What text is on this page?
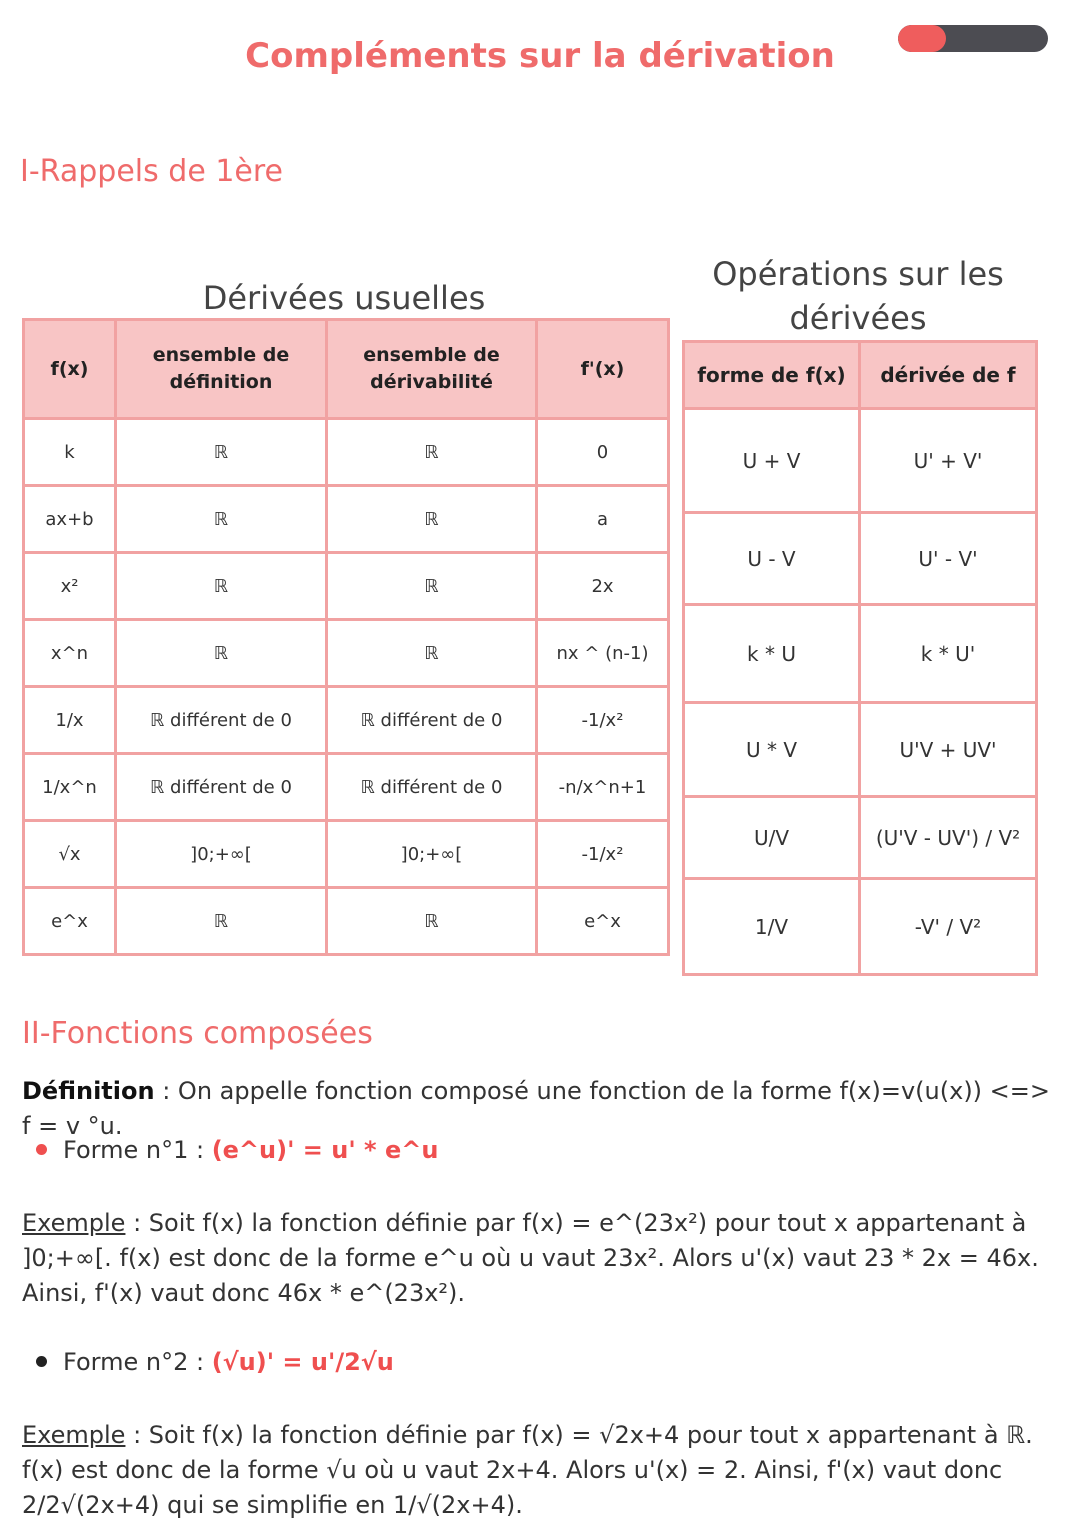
Compléments sur la dérivation
I-Rappels de 1ère
Dérivées usuelles
Opérations sur les dérivées
f(x)	ensemble de définition	ensemble de dérivabilité	f'(x)
k	ℝ	ℝ	0
ax+b	ℝ	ℝ	a
x²	ℝ	ℝ	2x
x^n	ℝ	ℝ	nx ^ (n-1)
1/x	ℝ différent de 0	ℝ différent de 0	-1/x²
1/x^n	ℝ différent de 0	ℝ différent de 0	-n/x^n+1
√x	]0;+∞[	]0;+∞[	-1/x²
e^x	ℝ	ℝ	e^x
forme de f(x)	dérivée de f
U + V	U' + V'
U - V	U' - V'
k * U	k * U'
U * V	U'V + UV'
U/V	(U'V - UV') / V²
1/V	-V' / V²
II-Fonctions composées

Définition : On appelle fonction composé une fonction de la forme f(x)=v(u(x)) <=> f = v °u.

Forme n°1 : (e^u)' = u' * e^u

Exemple : Soit f(x) la fonction définie par f(x) = e^(23x²) pour tout x appartenant à ]0;+∞[. f(x) est donc de la forme e^u où u vaut 23x². Alors u'(x) vaut 23 * 2x = 46x. Ainsi, f'(x) vaut donc 46x * e^(23x²).

Forme n°2 : (√u)' = u'/2√u

Exemple : Soit f(x) la fonction définie par f(x) = √2x+4 pour tout x appartenant à ℝ. f(x) est donc de la forme √u où u vaut 2x+4. Alors u'(x) = 2. Ainsi, f'(x) vaut donc 2/2√(2x+4) qui se simplifie en 1/√(2x+4).
